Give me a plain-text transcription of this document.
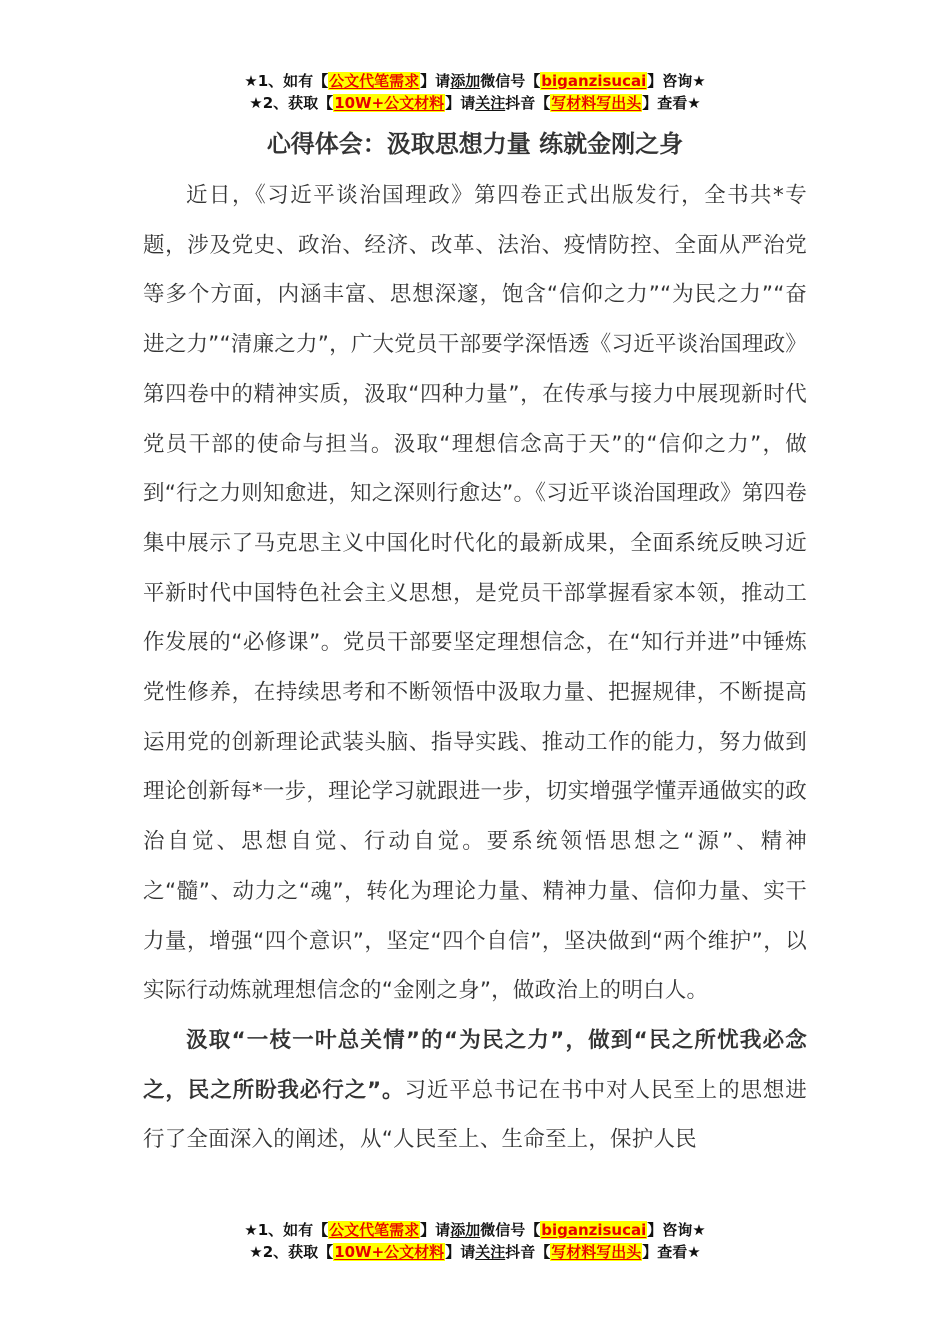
★1、如有【公文代笔需求】请添加微信号【biganzisucai】咨询★
★2、获取【10W+公文材料】请关注抖音【写材料写出头】查看★
心得体会：汲取思想力量 练就金刚之身

近日，《习近平谈治国理政》第四卷正式出版发行，全书共*专题，涉及党史、政治、经济、改革、法治、疫情防控、全面从严治党等多个方面，内涵丰富、思想深邃，饱含“信仰之力”“为民之力”“奋进之力”“清廉之力”，广大党员干部要学深悟透《习近平谈治国理政》第四卷中的精神实质，汲取“四种力量”，在传承与接力中展现新时代党员干部的使命与担当。汲取“理想信念高于天”的“信仰之力”，做到“行之力则知愈进，知之深则行愈达”。《习近平谈治国理政》第四卷集中展示了马克思主义中国化时代化的最新成果，全面系统反映习近平新时代中国特色社会主义思想，是党员干部掌握看家本领，推动工作发展的“必修课”。党员干部要坚定理想信念，在“知行并进”中锤炼党性修养，在持续思考和不断领悟中汲取力量、把握规律，不断提高运用党的创新理论武装头脑、指导实践、推动工作的能力，努力做到理论创新每*一步，理论学习就跟进一步，切实增强学懂弄通做实的政治自觉、思想自觉、行动自觉。要系统领悟思想之“源”、精神之“髓”、动力之“魂”，转化为理论力量、精神力量、信仰力量、实干力量，增强“四个意识”，坚定“四个自信”，坚决做到“两个维护”，以实际行动炼就理想信念的“金刚之身”，做政治上的明白人。

汲取“一枝一叶总关情”的“为民之力”，做到“民之所忧我必念之，民之所盼我必行之”。习近平总书记在书中对人民至上的思想进行了全面深入的阐述，从“人民至上、生命至上，保护人民

★1、如有【公文代笔需求】请添加微信号【biganzisucai】咨询★
★2、获取【10W+公文材料】请关注抖音【写材料写出头】查看★
